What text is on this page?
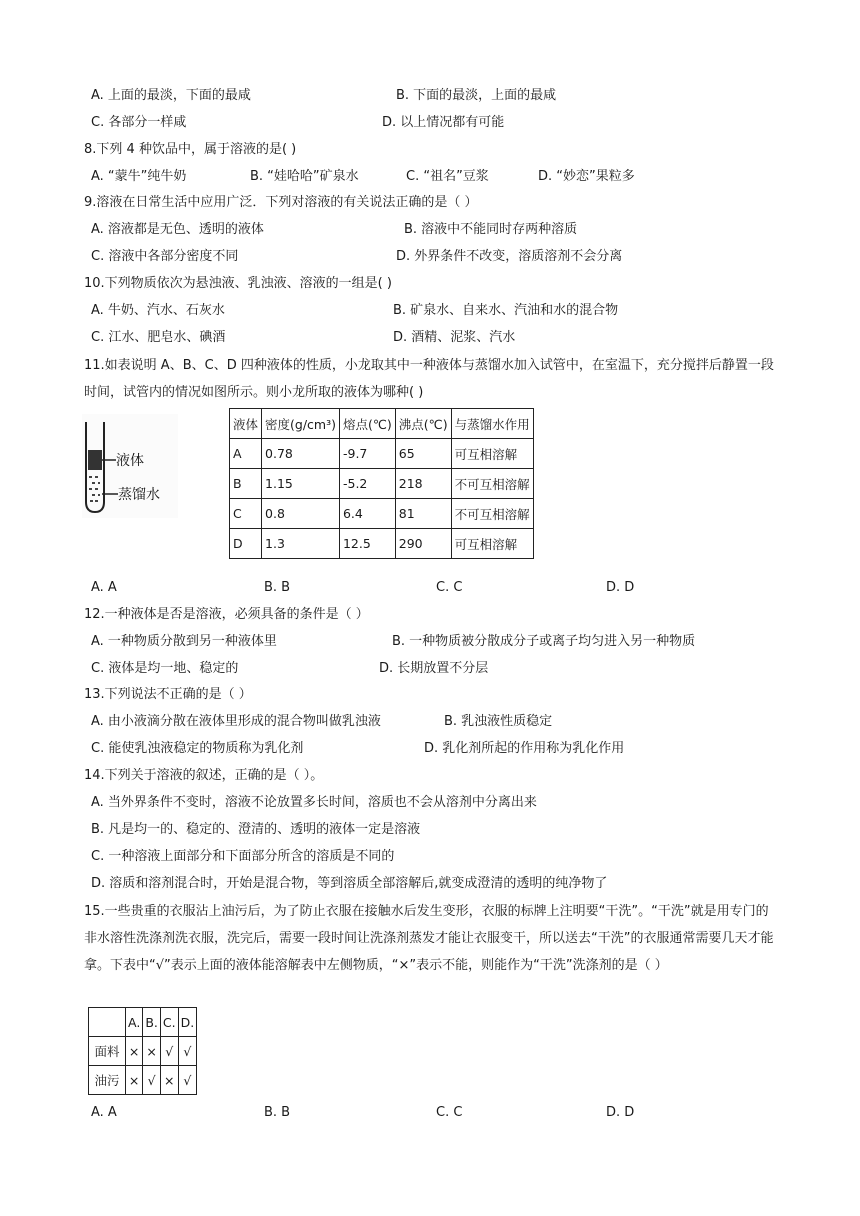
A. 上面的最淡，下面的最咸	B. 下面的最淡，上面的最咸
C. 各部分一样咸	D. 以上情况都有可能
8.下列 4 种饮品中，属于溶液的是( )
A. “蒙牛”纯牛奶	B. “娃哈哈”矿泉水	C. “祖名”豆浆	D. “妙恋”果粒多
9.溶液在日常生活中应用广泛．下列对溶液的有关说法正确的是（ ）
A. 溶液都是无色、透明的液体	B. 溶液中不能同时存两种溶质
C. 溶液中各部分密度不同	D. 外界条件不改变，溶质溶剂不会分离
10.下列物质依次为悬浊液、乳浊液、溶液的一组是( )
A. 牛奶、汽水、石灰水	B. 矿泉水、自来水、汽油和水的混合物
C. 江水、肥皂水、碘酒	D. 酒精、泥浆、汽水
11.如表说明 A、B、C、D 四种液体的性质，小龙取其中一种液体与蒸馏水加入试管中，在室温下，充分搅拌后静置一段时间，试管内的情况如图所示。则小龙所取的液体为哪种( )
液体
蒸馏水
液体	密度(g/cm³)	熔点(℃)	沸点(℃)	与蒸馏水作用
A	0.78	-9.7	65	可互相溶解
B	1.15	-5.2	218	不可互相溶解
C	0.8	6.4	81	不可互相溶解
D	1.3	12.5	290	可互相溶解
A. A	B. B	C. C	D. D
12.一种液体是否是溶液，必须具备的条件是（ ）
A. 一种物质分散到另一种液体里	B. 一种物质被分散成分子或离子均匀进入另一种物质
C. 液体是均一地、稳定的	D. 长期放置不分层
13.下列说法不正确的是（ ）
A. 由小液滴分散在液体里形成的混合物叫做乳浊液	B. 乳浊液性质稳定
C. 能使乳浊液稳定的物质称为乳化剂	D. 乳化剂所起的作用称为乳化作用
14.下列关于溶液的叙述，正确的是（ ）。
A. 当外界条件不变时，溶液不论放置多长时间，溶质也不会从溶剂中分离出来
B. 凡是均一的、稳定的、澄清的、透明的液体一定是溶液
C. 一种溶液上面部分和下面部分所含的溶质是不同的
D. 溶质和溶剂混合时，开始是混合物，等到溶质全部溶解后,就变成澄清的透明的纯净物了
15.一些贵重的衣服沾上油污后，为了防止衣服在接触水后发生变形，衣服的标牌上注明要“干洗”。“干洗”就是用专门的非水溶性洗涤剂洗衣服，洗完后，需要一段时间让洗涤剂蒸发才能让衣服变干，所以送去“干洗”的衣服通常需要几天才能拿。下表中“√”表示上面的液体能溶解表中左侧物质，“×”表示不能，则能作为“干洗”洗涤剂的是（ ）
	A.	B.	C.	D.
面料	×	×	√	√
油污	×	√	×	√
A. A	B. B	C. C	D. D
